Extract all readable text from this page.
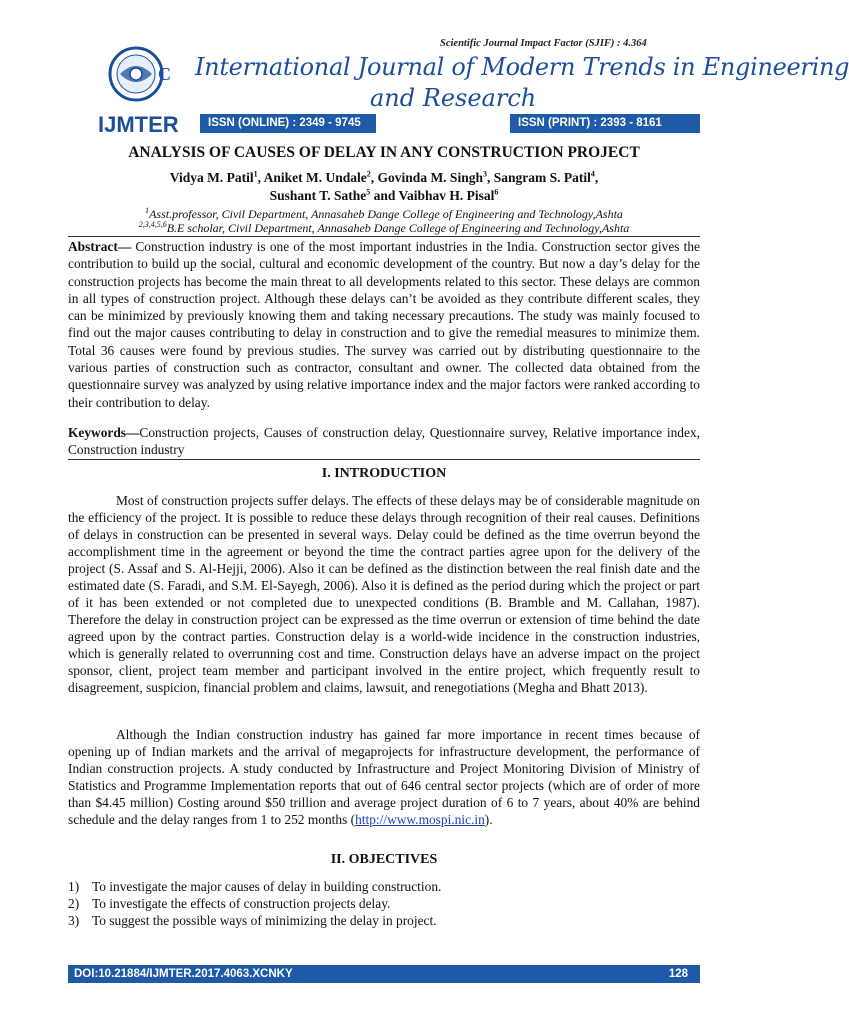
Scientific Journal Impact Factor (SJIF) : 4.364
C
IJMTER
International Journal of Modern Trends in Engineering
and Research
ISSN (ONLINE) : 2349 - 9745	ISSN (PRINT) : 2393 - 8161
ANALYSIS OF CAUSES OF DELAY IN ANY CONSTRUCTION PROJECT
Vidya M. Patil$^1$, Aniket M. Undale$^2$, Govinda M. Singh$^3$, Sangram S. Patil$^4$,
Sushant T. Sathe$^5$ and Vaibhav H. Pisal$^6$
$^1$Asst.professor, Civil Department, Annasaheb Dange College of Engineering and Technology,Ashta
$^{2,3,4,5,6}$B.E scholar, Civil Department, Annasaheb Dange College of Engineering and Technology,Ashta
Abstract— Construction industry is one of the most important industries in the India. Construction sector gives the contribution to build up the social, cultural and economic development of the country. But now a day’s delay for the construction projects has become the main threat to all developments related to this sector. These delays are common in all types of construction project. Although these delays can’t be avoided as they contribute different scales, they can be minimized by previously knowing them and taking necessary precautions. The study was mainly focused to find out the major causes contributing to delay in construction and to give the remedial measures to minimize them. Total 36 causes were found by previous studies. The survey was carried out by distributing questionnaire to the various parties of construction such as contractor, consultant and owner. The collected data obtained from the questionnaire survey was analyzed by using relative importance index and the major factors were ranked according to their contribution to delay.
Keywords—Construction projects, Causes of construction delay, Questionnaire survey, Relative importance index, Construction industry
I. INTRODUCTION
Most of construction projects suffer delays. The effects of these delays may be of considerable magnitude on the efficiency of the project. It is possible to reduce these delays through recognition of their real causes. Definitions of delays in construction can be presented in several ways. Delay could be defined as the time overrun beyond the accomplishment time in the agreement or beyond the time the contract parties agree upon for the delivery of the project (S. Assaf and S. Al-Hejji, 2006). Also it can be defined as the distinction between the real finish date and the estimated date (S. Faradi, and S.M. El-Sayegh, 2006). Also it is defined as the period during which the project or part of it has been extended or not completed due to unexpected conditions (B. Bramble and M. Callahan, 1987). Therefore the delay in construction project can be expressed as the time overrun or extension of time behind the date agreed upon by the contract parties. Construction delay is a world-wide incidence in the construction industries, which is generally related to overrunning cost and time. Construction delays have an adverse impact on the project sponsor, client, project team member and participant involved in the entire project, which frequently result to disagreement, suspicion, financial problem and claims, lawsuit, and renegotiations (Megha and Bhatt 2013).
Although the Indian construction industry has gained far more importance in recent times because of opening up of Indian markets and the arrival of megaprojects for infrastructure development, the performance of Indian construction projects. A study conducted by Infrastructure and Project Monitoring Division of Ministry of Statistics and Programme Implementation reports that out of 646 central sector projects (which are of order of more than $4.45 million) Costing around $50 trillion and average project duration of 6 to 7 years, about 40% are behind schedule and the delay ranges from 1 to 252 months (http://www.mospi.nic.in).
II. OBJECTIVES
1) To investigate the major causes of delay in building construction.
2) To investigate the effects of construction projects delay.
3) To suggest the possible ways of minimizing the delay in project.
DOI:10.21884/IJMTER.2017.4063.XCNKY	128
